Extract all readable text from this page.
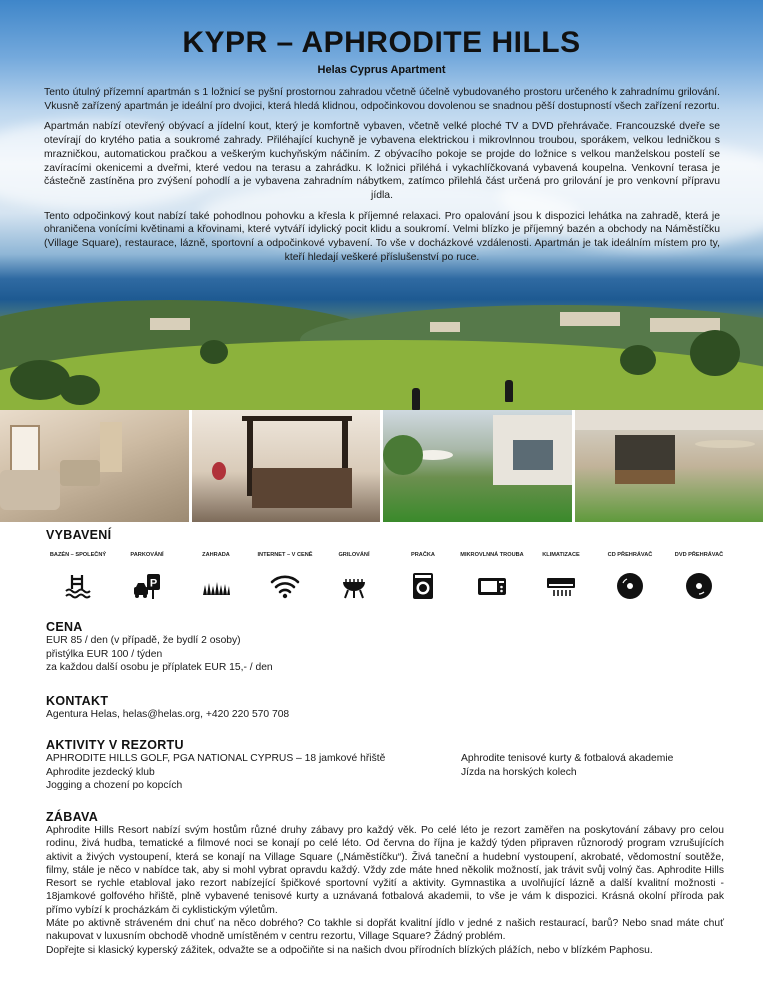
KYPR – APHRODITE HILLS
Helas Cyprus Apartment

Tento útulný přízemní apartmán s 1 ložnicí se pyšní prostornou zahradou včetně účelně vybudovaného prostoru určeného k zahradnímu grilování. Vkusně zařízený apartmán je ideální pro dvojici, která hledá klidnou, odpočinkovou dovolenou se snadnou pěší dostupností všech zařízení rezortu.

Apartmán nabízí otevřený obývací a jídelní kout, který je komfortně vybaven, včetně velké ploché TV a DVD přehrávače. Francouzské dveře se otevírají do krytého patia a soukromé zahrady. Přiléhající kuchyně je vybavena elektrickou i mikrovlnnou troubou, sporákem, velkou ledničkou s mrazničkou, automatickou pračkou a veškerým kuchyňským náčiním. Z obývacího pokoje se projde do ložnice s velkou manželskou postelí se zavíracími okenicemi a dveřmi, které vedou na terasu a zahrádku. K ložnici přiléhá i vykachlíčkovaná vybavená koupelna. Venkovní terasa je částečně zastíněna pro zvýšení pohodlí a je vybavena zahradním nábytkem, zatímco přilehlá část určená pro grilování je pro venkovní přípravu jídla.

Tento odpočinkový kout nabízí také pohodlnou pohovku a křesla k příjemné relaxaci. Pro opalování jsou k dispozici lehátka na zahradě, která je ohraničena vonícími květinami a křovinami, které vytváří idylický pocit klidu a soukromí. Velmi blízko je příjemný bazén a obchody na Náměstíčku (Village Square), restaurace, lázně, sportovní a odpočinkové vybavení. To vše v docházkové vzdálenosti. Apartmán je tak ideálním místem pro ty, kteří hledají veškeré příslušenství po ruce.

VYBAVENÍ
BAZÉN – SPOLEČNÝ	PARKOVÁNÍ
P
ZAHRADA	INTERNET – V CENĚ	GRILOVÁNÍ	PRAČKA	MIKROVLNNÁ TROUBA	KLIMATIZACE	CD PŘEHRÁVAČ	DVD PŘEHRÁVAČ
CENA
EUR 85 / den (v případě, že bydlí 2 osoby)
přistýlka EUR 100 / týden
za každou další osobu je příplatek EUR 15,- / den
KONTAKT
Agentura Helas, helas@helas.org, +420 220 570 708
AKTIVITY V REZORTU
APHRODITE HILLS GOLF, PGA NATIONAL CYPRUS – 18 jamkové hřiště
Aphrodite jezdecký klub
Jogging a chození po kopcích
Aphrodite tenisové kurty & fotbalová akademie
Jízda na horských kolech
ZÁBAVA
Aphrodite Hills Resort nabízí svým hostům různé druhy zábavy pro každý věk. Po celé léto je rezort zaměřen na poskytování zábavy pro celou rodinu, živá hudba, tematické a filmové noci se konají po celé léto. Od června do října je každý týden připraven různorodý program vzrušujících aktivit a živých vystoupení, která se konají na Village Square („Náměstíčku“). Živá taneční a hudební vystoupení, akrobaté, vědomostní soutěže, filmy, stále je něco v nabídce tak, aby si mohl vybrat opravdu každý. Vždy zde máte hned několik možností, jak trávit svůj volný čas. Aphrodite Hills Resort se rychle etabloval jako rezort nabízející špičkové sportovní vyžití a aktivity. Gymnastika a uvolňující lázně a další kvalitní možnosti - 18jamkové golfového hřiště, plně vybavené tenisové kurty a uznávaná fotbalová akademii, to vše je vám k dispozici. Krásná okolní příroda pak přímo vybízí k procházkám či cyklistickým výletům.
Máte po aktivně stráveném dni chuť na něco dobrého? Co takhle si dopřát kvalitní jídlo v jedné z našich restaurací, barů? Nebo snad máte chuť nakupovat v luxusním obchodě vhodně umístěném v centru rezortu, Village Square? Žádný problém.
Dopřejte si klasický kyperský zážitek, odvažte se a odpočiňte si na našich dvou přírodních blízkých plážích, nebo v blízkém Paphosu.
